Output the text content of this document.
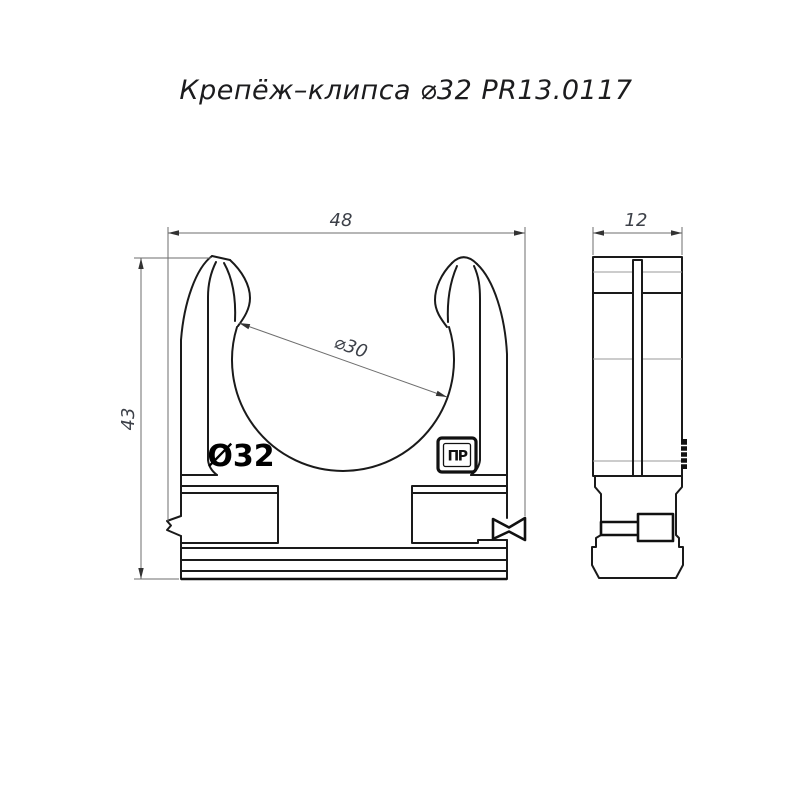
Крепёж–клипса ⌀32 PR13.0117
Ø32	ПР
48
43
⌀30
12
